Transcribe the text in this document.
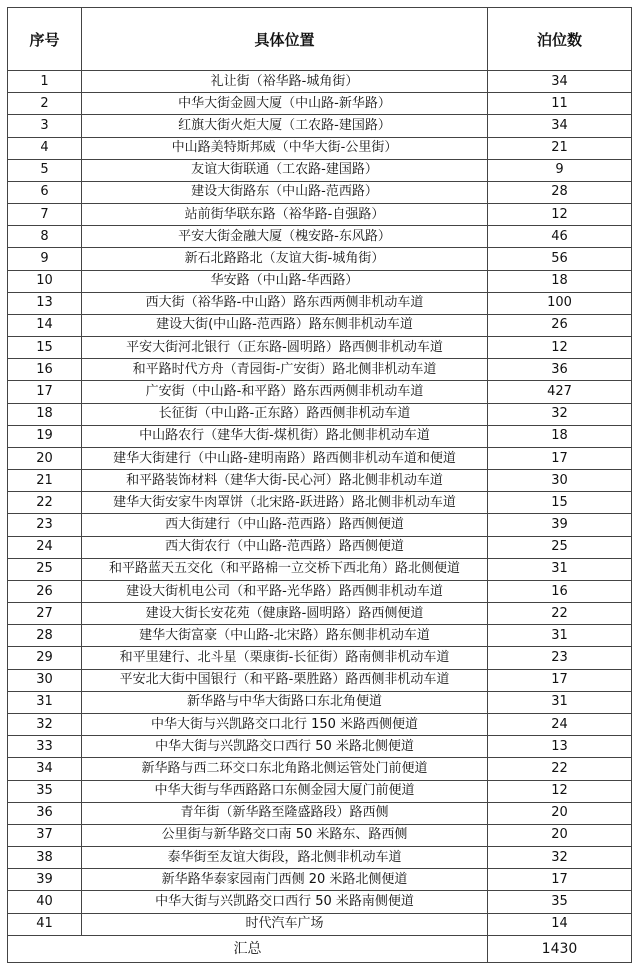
序号	具体位置	泊位数
1	礼让街（裕华路-城角街）	34
2	中华大街金圆大厦（中山路-新华路）	11
3	红旗大街火炬大厦（工农路-建国路）	34
4	中山路美特斯邦威（中华大街-公里街）	21
5	友谊大街联通（工农路-建国路）	9
6	建设大街路东（中山路-范西路）	28
7	站前街华联东路（裕华路-自强路）	12
8	平安大街金融大厦（槐安路-东风路）	46
9	新石北路路北（友谊大街-城角街）	56
10	华安路（中山路-华西路）	18
13	西大街（裕华路-中山路）路东西两侧非机动车道	100
14	建设大街(中山路-范西路）路东侧非机动车道	26
15	平安大街河北银行（正东路-圆明路）路西侧非机动车道	12
16	和平路时代方舟（青园街-广安街）路北侧非机动车道	36
17	广安街（中山路-和平路）路东西两侧非机动车道	427
18	长征街（中山路-正东路）路西侧非机动车道	32
19	中山路农行（建华大街-煤机街）路北侧非机动车道	18
20	建华大街建行（中山路-建明南路）路西侧非机动车道和便道	17
21	和平路装饰材料（建华大街-民心河）路北侧非机动车道	30
22	建华大街安家牛肉罩饼（北宋路-跃进路）路北侧非机动车道	15
23	西大街建行（中山路-范西路）路西侧便道	39
24	西大街农行（中山路-范西路）路西侧便道	25
25	和平路蓝天五交化（和平路棉一立交桥下西北角）路北侧便道	31
26	建设大街机电公司（和平路-光华路）路西侧非机动车道	16
27	建设大街长安花苑（健康路-圆明路）路西侧便道	22
28	建华大街富豪（中山路-北宋路）路东侧非机动车道	31
29	和平里建行、北斗星（栗康街-长征街）路南侧非机动车道	23
30	平安北大街中国银行（和平路-栗胜路）路西侧非机动车道	17
31	新华路与中华大街路口东北角便道	31
32	中华大街与兴凯路交口北行 150 米路西侧便道	24
33	中华大街与兴凯路交口西行 50 米路北侧便道	13
34	新华路与西二环交口东北角路北侧运管处门前便道	22
35	中华大街与华西路路口东侧金园大厦门前便道	12
36	青年街（新华路至隆盛路段）路西侧	20
37	公里街与新华路交口南 50 米路东、路西侧	20
38	泰华街至友谊大街段，路北侧非机动车道	32
39	新华路华泰家园南门西侧 20 米路北侧便道	17
40	中华大街与兴凯路交口西行 50 米路南侧便道	35
41	时代汽车广场	14
汇总		1430
